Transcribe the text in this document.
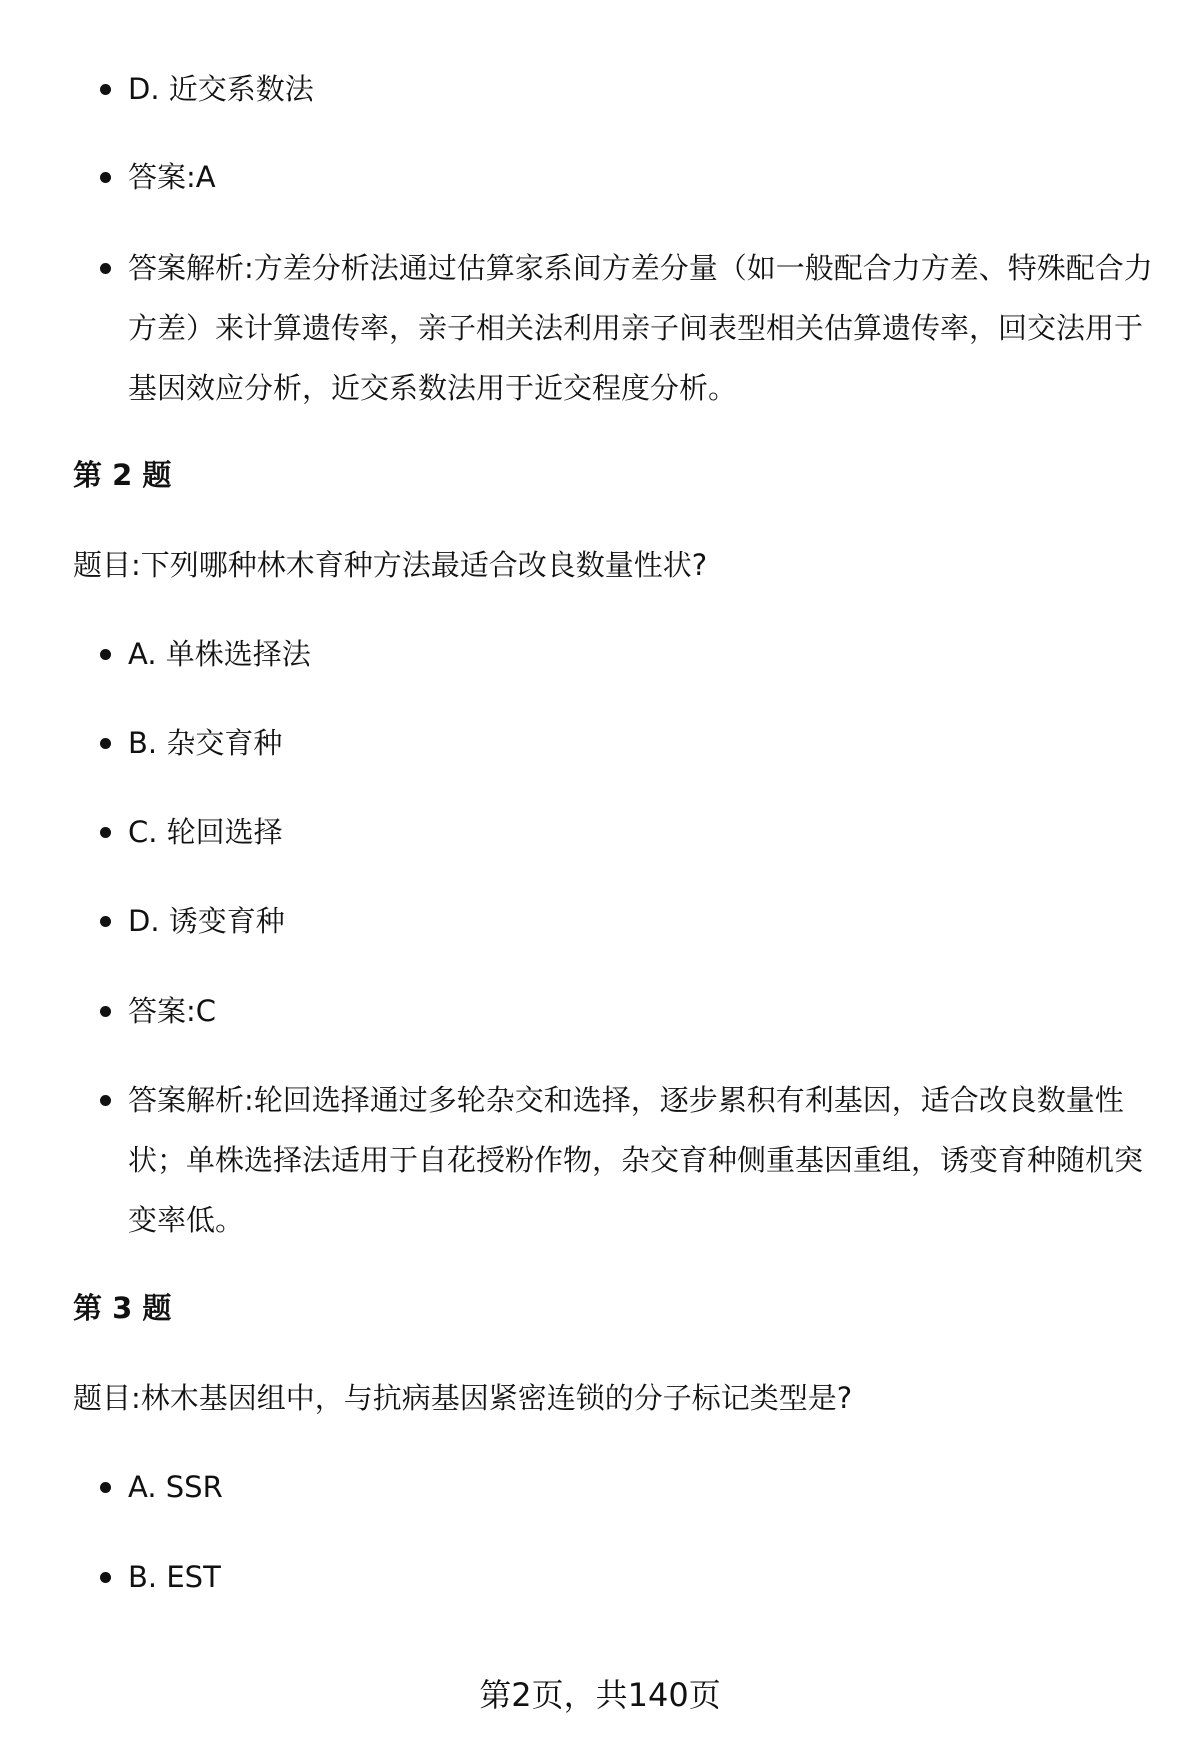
D. 近交系数法
答案:A
答案解析:方差分析法通过估算家系间方差分量（如一般配合力方差、特殊配合力方差）来计算遗传率，亲子相关法利用亲子间表型相关估算遗传率，回交法用于基因效应分析，近交系数法用于近交程度分析。
第 2 题
题目:下列哪种林木育种方法最适合改良数量性状?
A. 单株选择法
B. 杂交育种
C. 轮回选择
D. 诱变育种
答案:C
答案解析:轮回选择通过多轮杂交和选择，逐步累积有利基因，适合改良数量性状；单株选择法适用于自花授粉作物，杂交育种侧重基因重组，诱变育种随机突变率低。
第 3 题
题目:林木基因组中，与抗病基因紧密连锁的分子标记类型是?
A. SSR
B. EST
第2页，共140页
